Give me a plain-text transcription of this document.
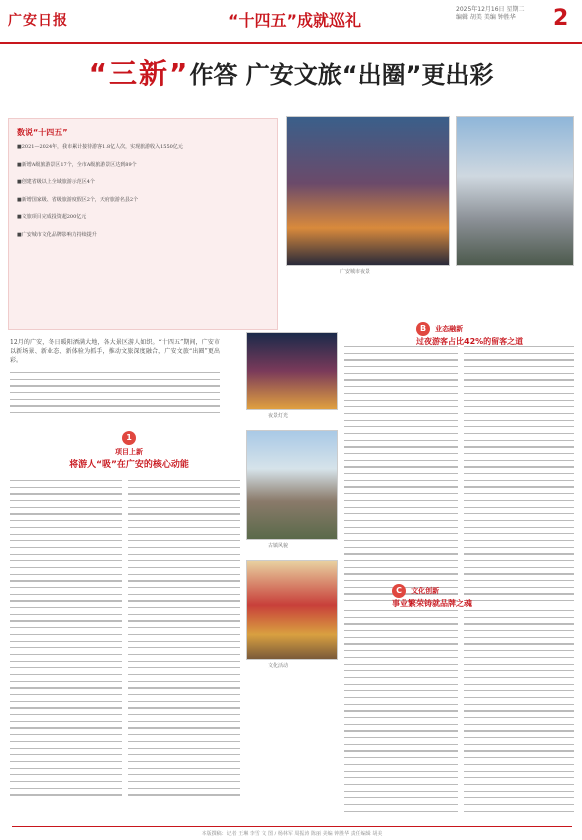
广安日报	“十四五”成就巡礼
2025年12月16日 星期二
编辑 胡美 美编 钟胜华	2
“三新”作答 广安文旅“出圈”更出彩
数说“十四五”
■2021—2024年，我市累计接待游客1.8亿人次，实现旅游收入1550亿元
■新增A级旅游景区17个，全市A级旅游景区达到89个
■创建省级以上全域旅游示范区4个
■新增国家级、省级旅游度假区2个，天府旅游名县2个
■文旅项目完成投资超200亿元
■广安城市文化品牌影响力持续提升
广安城市夜景
12月的广安，冬日暖阳洒满大地，各大景区游人如织。“十四五”期间，广安市以新场景、新业态、新体验为抓手，推动文旅深度融合，广安文旅“出圈”更出彩。
1
项目上新
将游人“吸”在广安的核心动能
夜景灯光
古镇风貌
文化活动
B 业态融新
过夜游客占比42%的留客之道
C 文化创新
事业繁荣铸就品牌之魂
本版撰稿：记者 王琳 李雪 文 图 / 杨林军 周振涛 陈丽 美编 钟胜华 责任编辑 胡美
